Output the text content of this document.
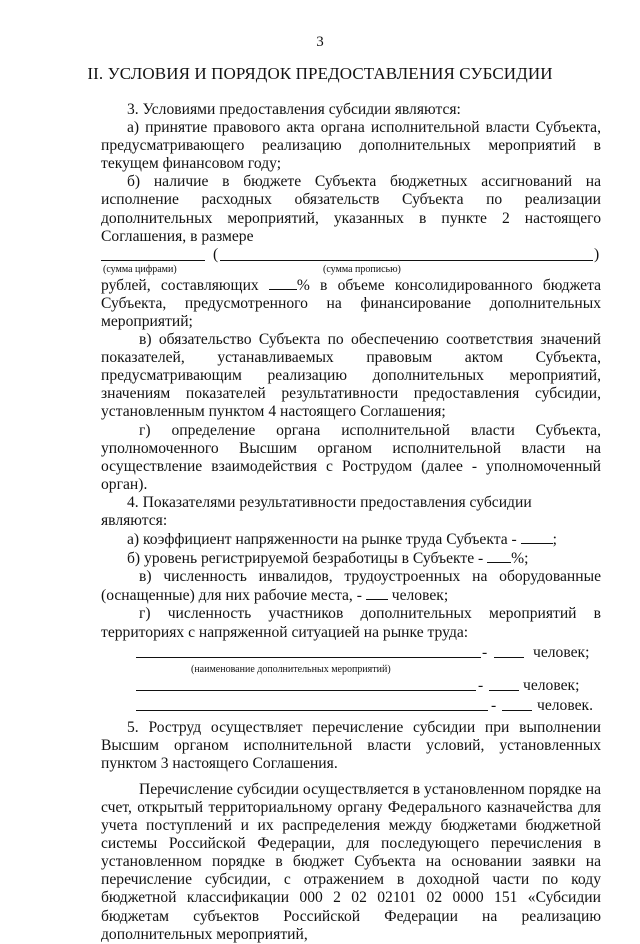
3
II. УСЛОВИЯ И ПОРЯДОК ПРЕДОСТАВЛЕНИЯ СУБСИДИИ

3. Условиями предоставления субсидии являются:

а) принятие правового акта органа исполнительной власти Субъекта, предусматривающего реализацию дополнительных мероприятий в текущем финансовом году;

б) наличие в бюджете Субъекта бюджетных ассигнований на исполнение расходных обязательств Субъекта по реализации дополнительных мероприятий, указанных в пункте 2 настоящего Соглашения, в размере

(	)
(сумма цифрами)	(сумма прописью)

рублей, составляющих % в объеме консолидированного бюджета Субъекта, предусмотренного на финансирование дополнительных мероприятий;

в) обязательство Субъекта по обеспечению соответствия значений показателей, устанавливаемых правовым актом Субъекта, предусматривающим реализацию дополнительных мероприятий, значениям показателей результативности предоставления субсидии, установленным пунктом 4 настоящего Соглашения;

г) определение органа исполнительной власти Субъекта, уполномоченного Высшим органом исполнительной власти на осуществление взаимодействия с Рострудом (далее - уполномоченный орган).

4. Показателями результативности предоставления субсидии являются:

а) коэффициент напряженности на рынке труда Субъекта - ;

б) уровень регистрируемой безработицы в Субъекте - %;

в) численность инвалидов, трудоустроенных на оборудованные (оснащенные) для них рабочие места, - человек;

г) численность участников дополнительных мероприятий в территориях с напряженной ситуацией на рынке труда:

-	человек;
(наименование дополнительных мероприятий)
-	человек;
-	человек.

5. Роструд осуществляет перечисление субсидии при выполнении Высшим органом исполнительной власти условий, установленных пунктом 3 настоящего Соглашения.

Перечисление субсидии осуществляется в установленном порядке на счет, открытый территориальному органу Федерального казначейства для учета поступлений и их распределения между бюджетами бюджетной системы Российской Федерации, для последующего перечисления в установленном порядке в бюджет Субъекта на основании заявки на перечисление субсидии, с отражением в доходной части по коду бюджетной классификации 000 2 02 02101 02 0000 151 «Субсидии бюджетам субъектов Российской Федерации на реализацию дополнительных мероприятий,
